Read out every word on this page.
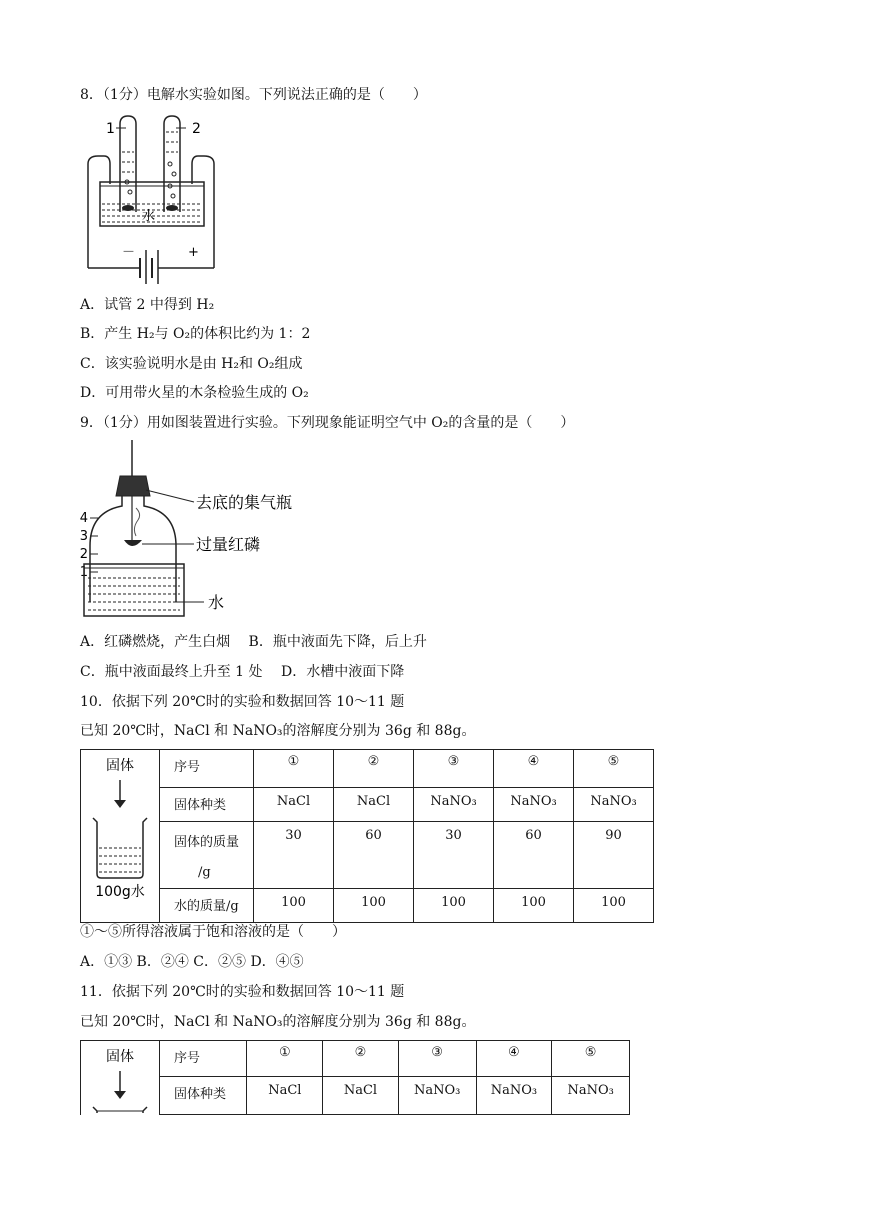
8．（1分）电解水实验如图。下列说法正确的是（　　）
1	2
水
－	+
A．试管 2 中得到 H₂
B．产生 H₂与 O₂的体积比约为 1：2
C．该实验说明水是由 H₂和 O₂组成
D．可用带火星的木条检验生成的 O₂
9．（1分）用如图装置进行实验。下列现象能证明空气中 O₂的含量的是（　　）
4
3
2
1
去底的集气瓶
过量红磷
水
A．红磷燃烧，产生白烟　 B．瓶中液面先下降，后上升
C．瓶中液面最终上升至 1 处　 D．水槽中液面下降
10．依据下列 20℃时的实验和数据回答 10～11 题
已知 20℃时，NaCl 和 NaNO₃的溶解度分别为 36g 和 88g。
固体
100g水	序号	①	②	③	④	⑤
	固体种类	NaCl	NaCl	NaNO₃	NaNO₃	NaNO₃

	固体的质量
/g	30	60	30	60	90
	水的质量/g	100	100	100	100	100
①～⑤所得溶液属于饱和溶液的是（　　）
A．①③ B．②④ C．②⑤ D．④⑤
11．依据下列 20℃时的实验和数据回答 10～11 题
已知 20℃时，NaCl 和 NaNO₃的溶解度分别为 36g 和 88g。
固体	序号	①	②	③	④	⑤
	固体种类	NaCl	NaCl	NaNO₃	NaNO₃	NaNO₃
